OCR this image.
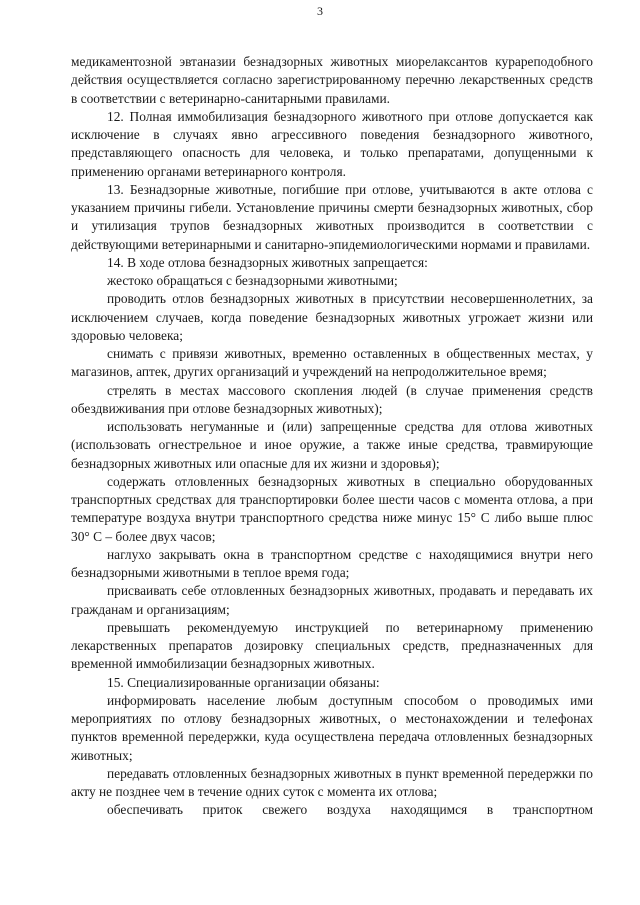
3

медикаментозной эвтаназии безнадзорных животных миорелаксантов курареподобного действия осуществляется согласно зарегистрированному перечню лекарственных средств в соответствии с ветеринарно-санитарными правилами.

12. Полная иммобилизация безнадзорного животного при отлове допускается как исключение в случаях явно агрессивного поведения безнадзорного животного, представляющего опасность для человека, и только препаратами, допущенными к применению органами ветеринарного контроля.

13. Безнадзорные животные, погибшие при отлове, учитываются в акте отлова с указанием причины гибели. Установление причины смерти безнадзорных животных, сбор и утилизация трупов безнадзорных животных производится в соответствии с действующими ветеринарными и санитарно-эпидемиологическими нормами и правилами.

14. В ходе отлова безнадзорных животных запрещается:

жестоко обращаться с безнадзорными животными;

проводить отлов безнадзорных животных в присутствии несовершеннолетних, за исключением случаев, когда поведение безнадзорных животных угрожает жизни или здоровью человека;

снимать с привязи животных, временно оставленных в общественных местах, у магазинов, аптек, других организаций и учреждений на непродолжительное время;

стрелять в местах массового скопления людей (в случае применения средств обездвиживания при отлове безнадзорных животных);

использовать негуманные и (или) запрещенные средства для отлова животных (использовать огнестрельное и иное оружие, а также иные средства, травмирующие безнадзорных животных или опасные для их жизни и здоровья);

содержать отловленных безнадзорных животных в специально оборудованных транспортных средствах для транспортировки более шести часов с момента отлова, а при температуре воздуха внутри транспортного средства ниже минус 15° С либо выше плюс 30° С – более двух часов;

наглухо закрывать окна в транспортном средстве с находящимися внутри него безнадзорными животными в теплое время года;

присваивать себе отловленных безнадзорных животных, продавать и передавать их гражданам и организациям;

превышать рекомендуемую инструкцией по ветеринарному применению лекарственных препаратов дозировку специальных средств, предназначенных для временной иммобилизации безнадзорных животных.

15. Специализированные организации обязаны:

информировать население любым доступным способом о проводимых ими мероприятиях по отлову безнадзорных животных, о местонахождении и телефонах пунктов временной передержки, куда осуществлена передача отловленных безнадзорных животных;

передавать отловленных безнадзорных животных в пункт временной передержки по акту не позднее чем в течение одних суток с момента их отлова;

обеспечивать приток свежего воздуха находящимся в транспортном
